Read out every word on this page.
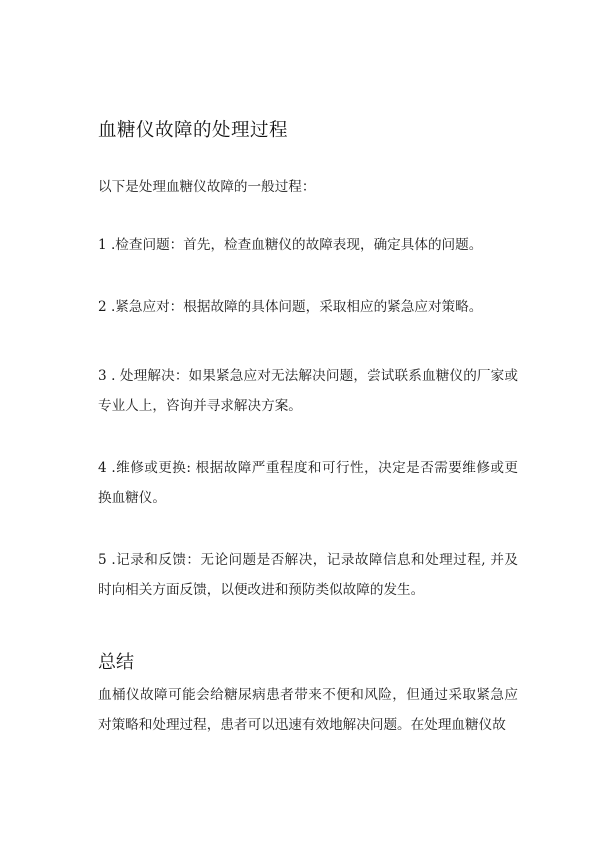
血糖仪故障的处理过程
以下是处理血糖仪故障的一般过程：
1 .检查问题：首先，检查血糖仪的故障表现，确定具体的问题。
2 .紧急应对：根据故障的具体问题，采取相应的紧急应对策略。
3 . 处理解决：如果紧急应对无法解决问题，尝试联系血糖仪的厂家或专业人上，咨询并寻求解决方案。
4 .维修或更换: 根据故障严重程度和可行性，决定是否需要维修或更换血糖仪。
5 .记录和反馈：无论问题是否解决，记录故障信息和处理过程, 并及时向相关方面反馈，以便改进和预防类似故障的发生。
总结
血桶仪故障可能会给糖尿病患者带来不便和风险，但通过采取紧急应对策略和处理过程，患者可以迅速有效地解决问题。在处理血糖仪故
